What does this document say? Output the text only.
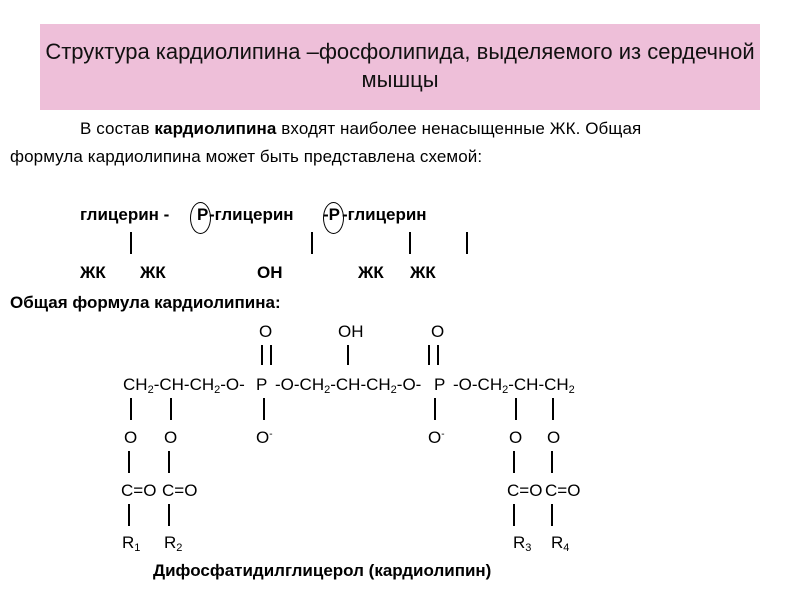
Структура кардиолипина –фосфолипида, выделяемого из сердечной мышцы
В состав кардиолипина входят наиболее ненасыщенные ЖК. Общая
формула кардиолипина может быть представлена схемой:
глицерин - P -глицерин -P -глицерин
ЖК ЖК	ОН	ЖК ЖК
Общая формула кардиолипина:
O	OH	O
$CH_2-CH-CH_2-O-$ P $-O-CH_2-CH-CH_2-O-$ P $-O-CH_2-CH-CH_2$
O O	O-	O-	O O
C=O C=O	C=O C=O
$R_1$ $R_2$	$R_3$ $R_4$
Дифосфатидилглицерол (кардиолипин)
